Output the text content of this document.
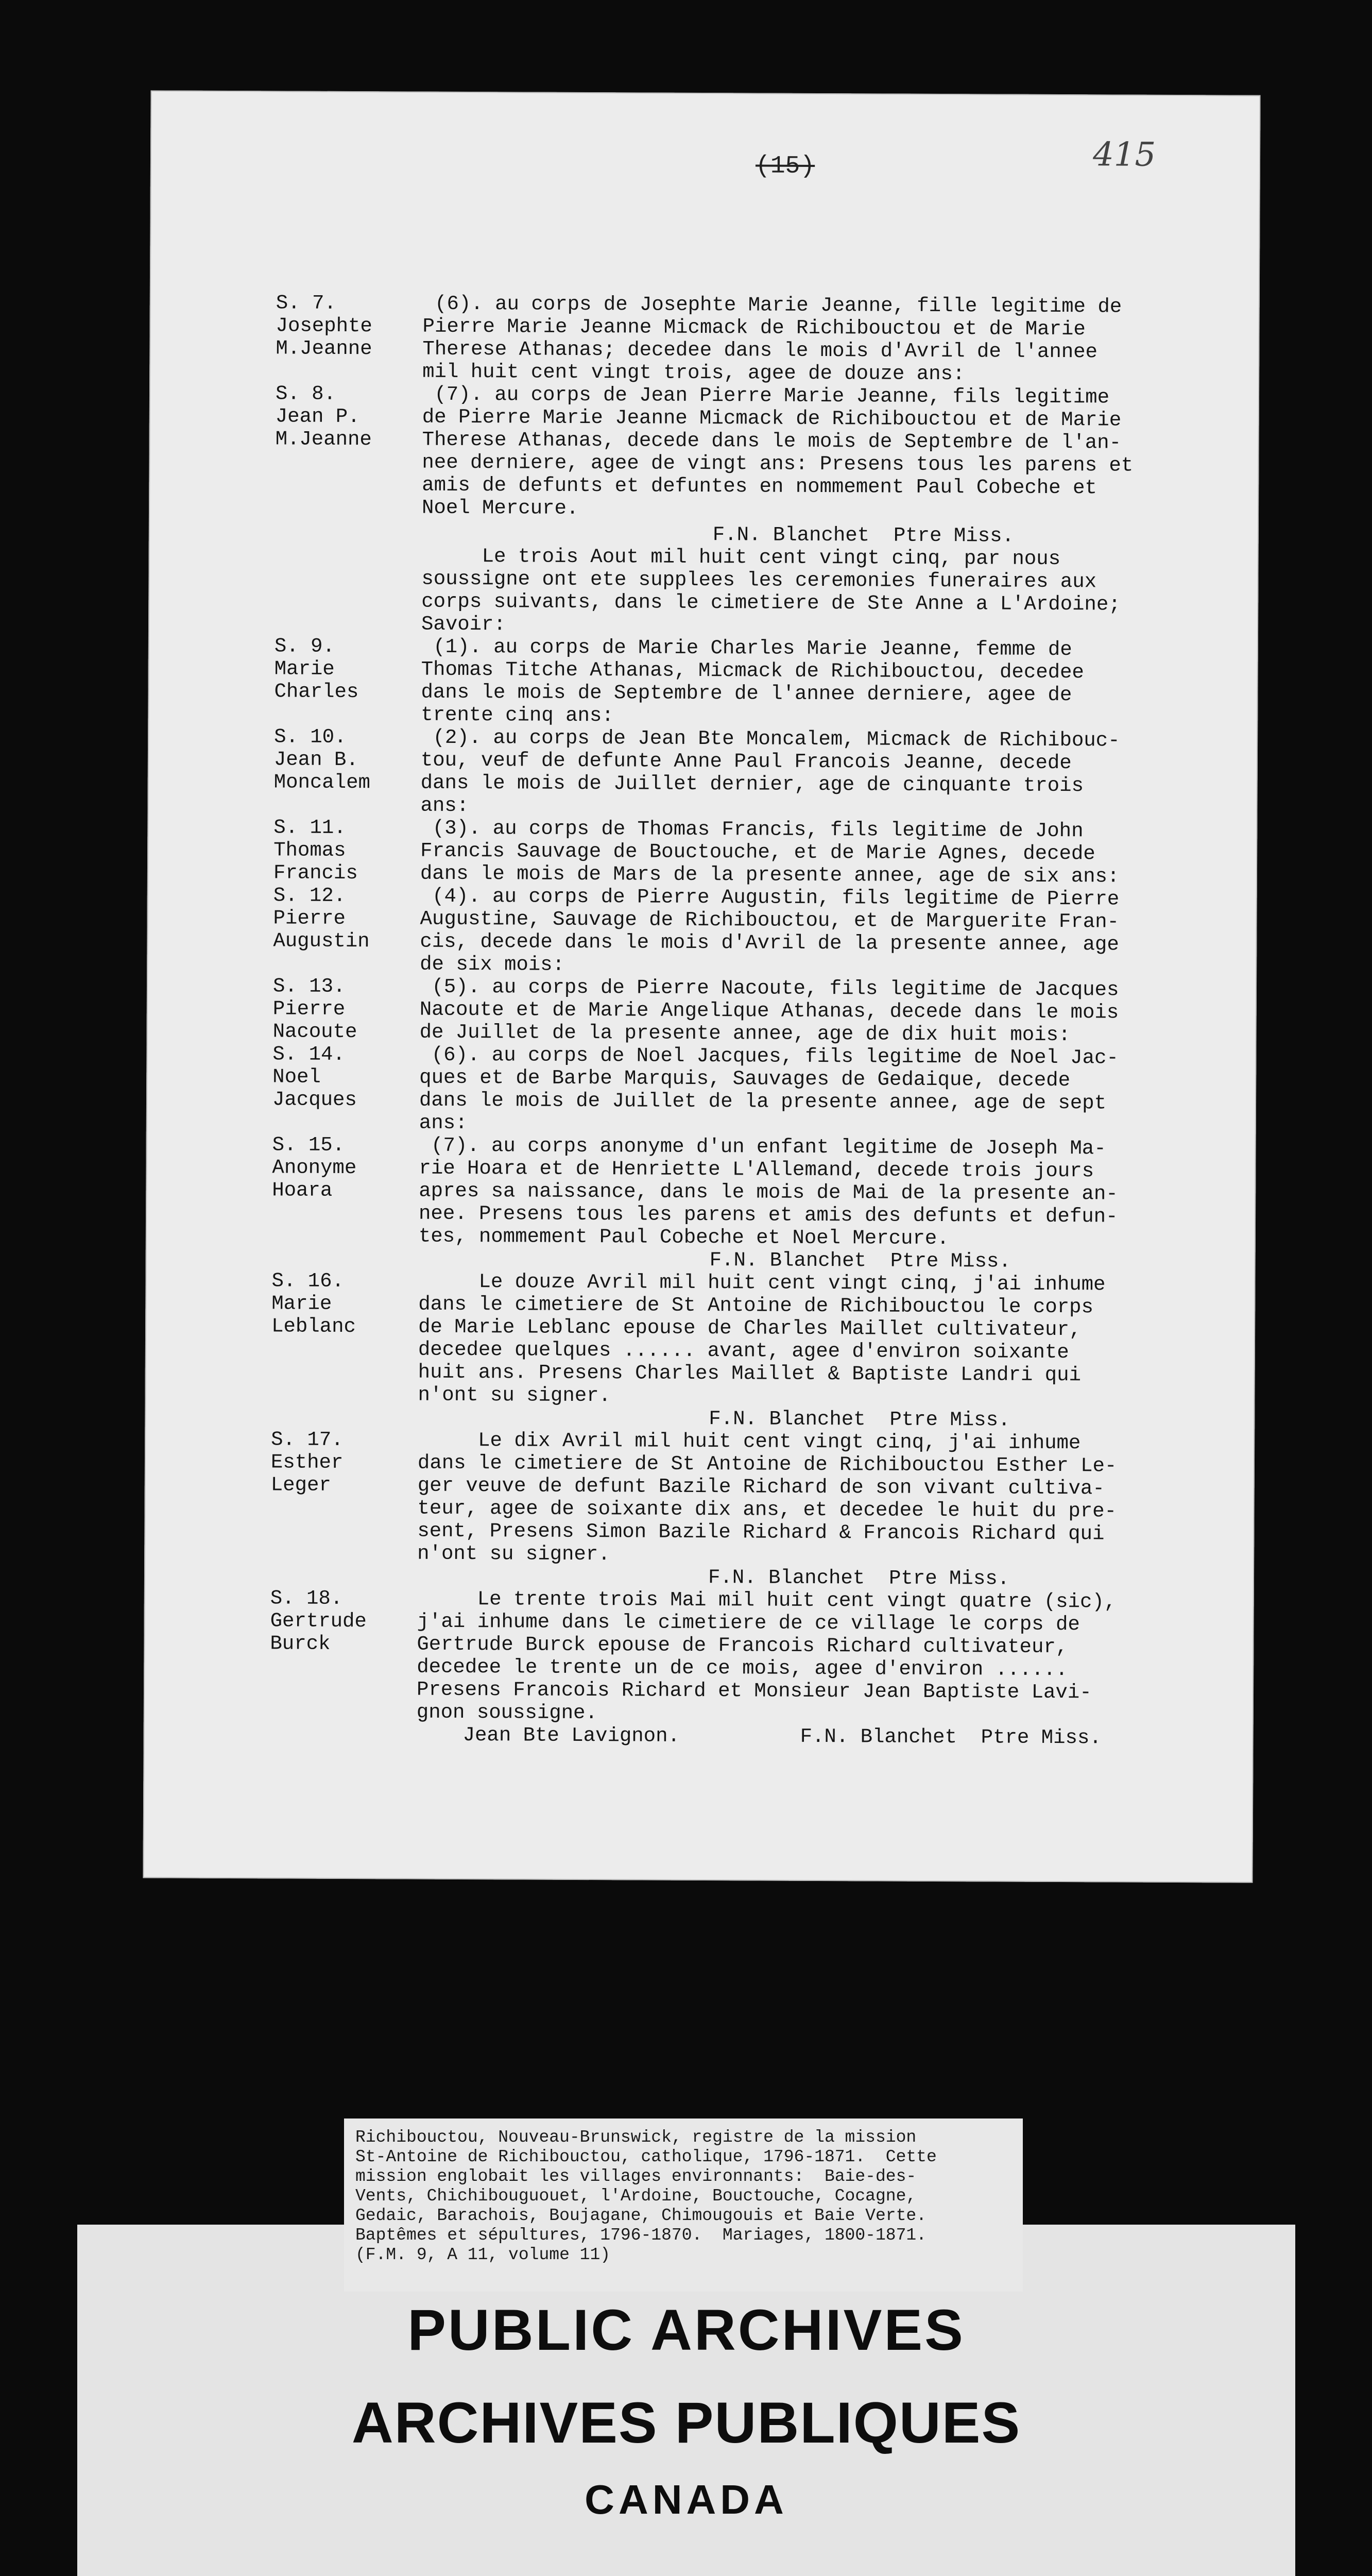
(15)	415
S. 7.
Josephte
M.Jeanne
(6). au corps de Josephte Marie Jeanne, fille legitime de
Pierre Marie Jeanne Micmack de Richibouctou et de Marie
Therese Athanas; decedee dans le mois d'Avril de l'annee
mil huit cent vingt trois, agee de douze ans:
S. 8.
Jean P.
M.Jeanne
(7). au corps de Jean Pierre Marie Jeanne, fils legitime
de Pierre Marie Jeanne Micmack de Richibouctou et de Marie
Therese Athanas, decede dans le mois de Septembre de l'an-
nee derniere, agee de vingt ans: Presens tous les parens et
amis de defunts et defuntes en nommement Paul Cobeche et
Noel Mercure.
F.N. Blanchet  Ptre Miss.
Le trois Aout mil huit cent vingt cinq, par nous
soussigne ont ete supplees les ceremonies funeraires aux
corps suivants, dans le cimetiere de Ste Anne a L'Ardoine;
Savoir:
S. 9.
Marie
Charles
(1). au corps de Marie Charles Marie Jeanne, femme de
Thomas Titche Athanas, Micmack de Richibouctou, decedee
dans le mois de Septembre de l'annee derniere, agee de
trente cinq ans:
S. 10.
Jean B.
Moncalem
(2). au corps de Jean Bte Moncalem, Micmack de Richibouc-
tou, veuf de defunte Anne Paul Francois Jeanne, decede
dans le mois de Juillet dernier, age de cinquante trois
ans:
S. 11.
Thomas
Francis
(3). au corps de Thomas Francis, fils legitime de John
Francis Sauvage de Bouctouche, et de Marie Agnes, decede
dans le mois de Mars de la presente annee, age de six ans:
S. 12.
Pierre
Augustin
(4). au corps de Pierre Augustin, fils legitime de Pierre
Augustine, Sauvage de Richibouctou, et de Marguerite Fran-
cis, decede dans le mois d'Avril de la presente annee, age
de six mois:
S. 13.
Pierre
Nacoute
(5). au corps de Pierre Nacoute, fils legitime de Jacques
Nacoute et de Marie Angelique Athanas, decede dans le mois
de Juillet de la presente annee, age de dix huit mois:
S. 14.
Noel
Jacques
(6). au corps de Noel Jacques, fils legitime de Noel Jac-
ques et de Barbe Marquis, Sauvages de Gedaique, decede
dans le mois de Juillet de la presente annee, age de sept
ans:
S. 15.
Anonyme
Hoara
(7). au corps anonyme d'un enfant legitime de Joseph Ma-
rie Hoara et de Henriette L'Allemand, decede trois jours
apres sa naissance, dans le mois de Mai de la presente an-
nee. Presens tous les parens et amis des defunts et defun-
tes, nommement Paul Cobeche et Noel Mercure.
F.N. Blanchet  Ptre Miss.
S. 16.
Marie
Leblanc
Le douze Avril mil huit cent vingt cinq, j'ai inhume
dans le cimetiere de St Antoine de Richibouctou le corps
de Marie Leblanc epouse de Charles Maillet cultivateur,
decedee quelques ...... avant, agee d'environ soixante
huit ans. Presens Charles Maillet & Baptiste Landri qui
n'ont su signer.
F.N. Blanchet  Ptre Miss.
S. 17.
Esther
Leger
Le dix Avril mil huit cent vingt cinq, j'ai inhume
dans le cimetiere de St Antoine de Richibouctou Esther Le-
ger veuve de defunt Bazile Richard de son vivant cultiva-
teur, agee de soixante dix ans, et decedee le huit du pre-
sent, Presens Simon Bazile Richard & Francois Richard qui
n'ont su signer.
F.N. Blanchet  Ptre Miss.
S. 18.
Gertrude
Burck
Le trente trois Mai mil huit cent vingt quatre (sic),
j'ai inhume dans le cimetiere de ce village le corps de
Gertrude Burck epouse de Francois Richard cultivateur,
decedee le trente un de ce mois, agee d'environ ......
Presens Francois Richard et Monsieur Jean Baptiste Lavi-
gnon soussigne.
Jean Bte Lavignon.	F.N. Blanchet  Ptre Miss.
PUBLIC ARCHIVES
ARCHIVES PUBLIQUES
CANADA
Richibouctou, Nouveau-Brunswick, registre de la mission
St-Antoine de Richibouctou, catholique, 1796-1871.  Cette
mission englobait les villages environnants:  Baie-des-
Vents, Chichibouguouet, l'Ardoine, Bouctouche, Cocagne,
Gedaic, Barachois, Boujagane, Chimougouis et Baie Verte.
Baptêmes et sépultures, 1796-1870.  Mariages, 1800-1871.
(F.M. 9, A 11, volume 11)
